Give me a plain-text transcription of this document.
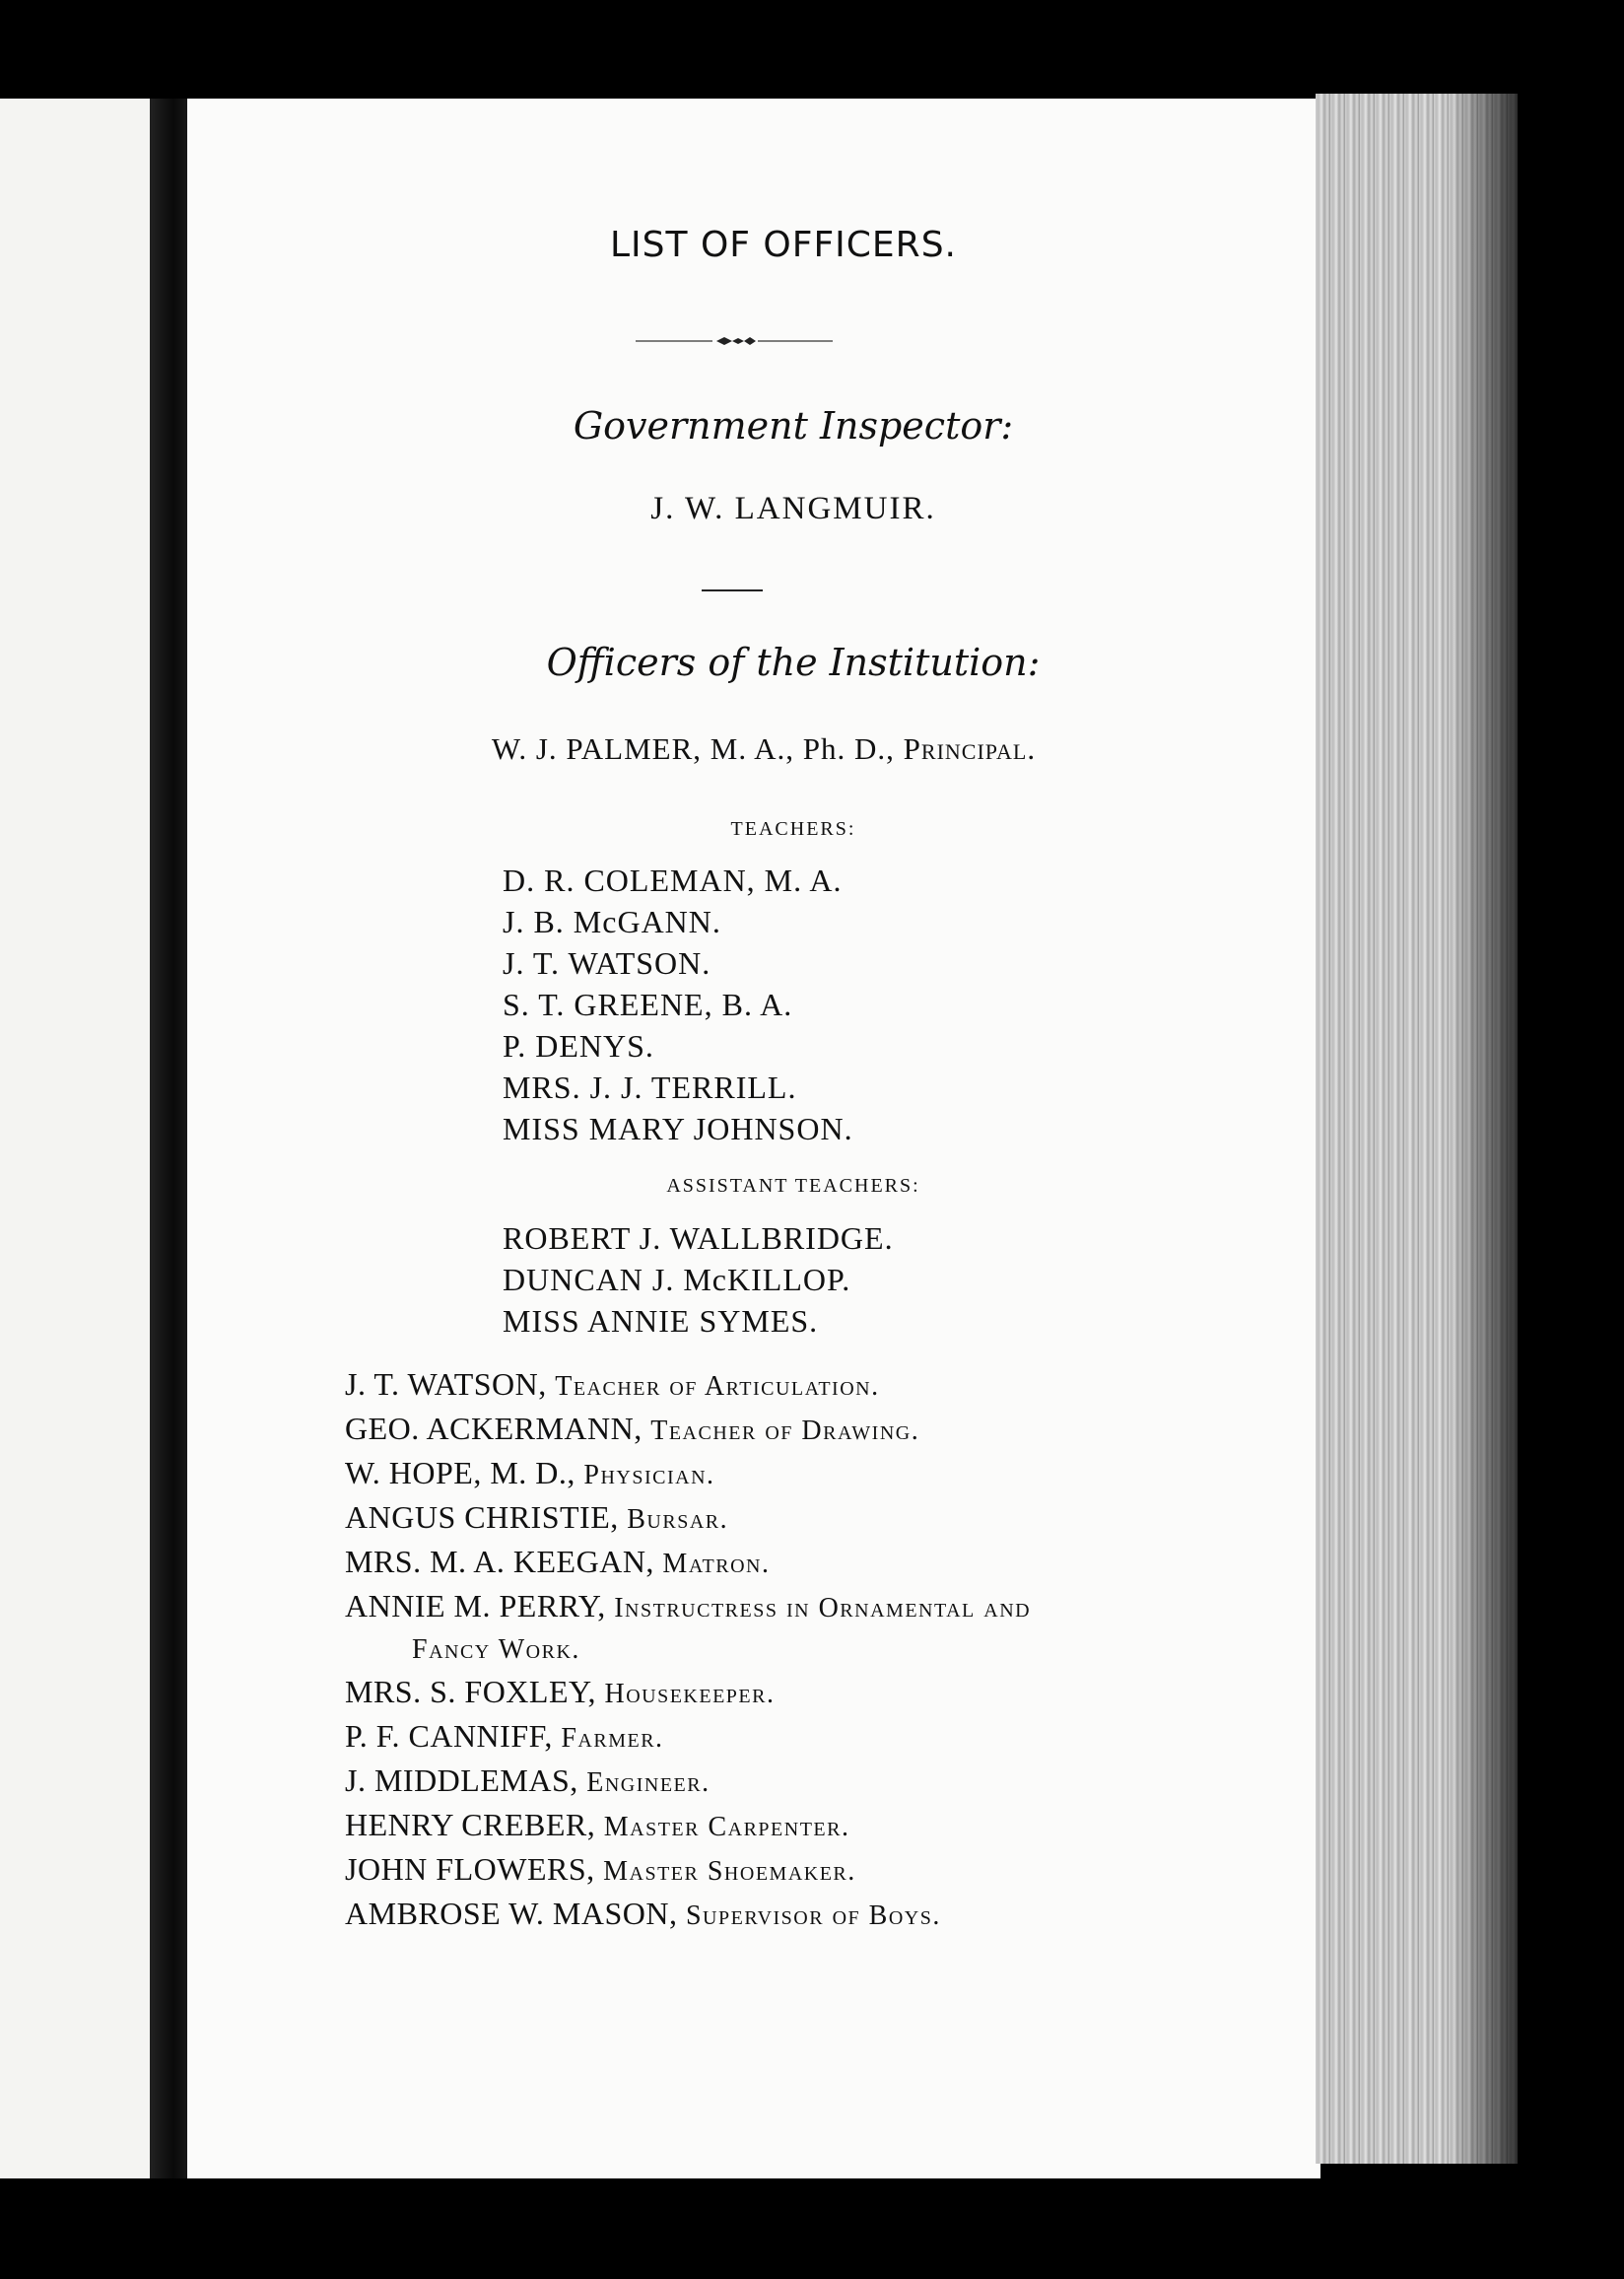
LIST OF OFFICERS.
Government Inspector:
J. W. LANGMUIR.
Officers of the Institution:
W. J. PALMER, M. A., Ph. D., Principal.
TEACHERS:
D. R. COLEMAN, M. A.
J. B. McGANN.
J. T. WATSON.
S. T. GREENE, B. A.
P. DENYS.
MRS. J. J. TERRILL.
MISS MARY JOHNSON.
ASSISTANT TEACHERS:
ROBERT J. WALLBRIDGE.
DUNCAN J. McKILLOP.
MISS ANNIE SYMES.
J. T. WATSON, Teacher of Articulation.
GEO. ACKERMANN, Teacher of Drawing.
W. HOPE, M. D., Physician.
ANGUS CHRISTIE, Bursar.
MRS. M. A. KEEGAN, Matron.
ANNIE M. PERRY, Instructress in Ornamental and
Fancy Work.
MRS. S. FOXLEY, Housekeeper.
P. F. CANNIFF, Farmer.
J. MIDDLEMAS, Engineer.
HENRY CREBER, Master Carpenter.
JOHN FLOWERS, Master Shoemaker.
AMBROSE W. MASON, Supervisor of Boys.
